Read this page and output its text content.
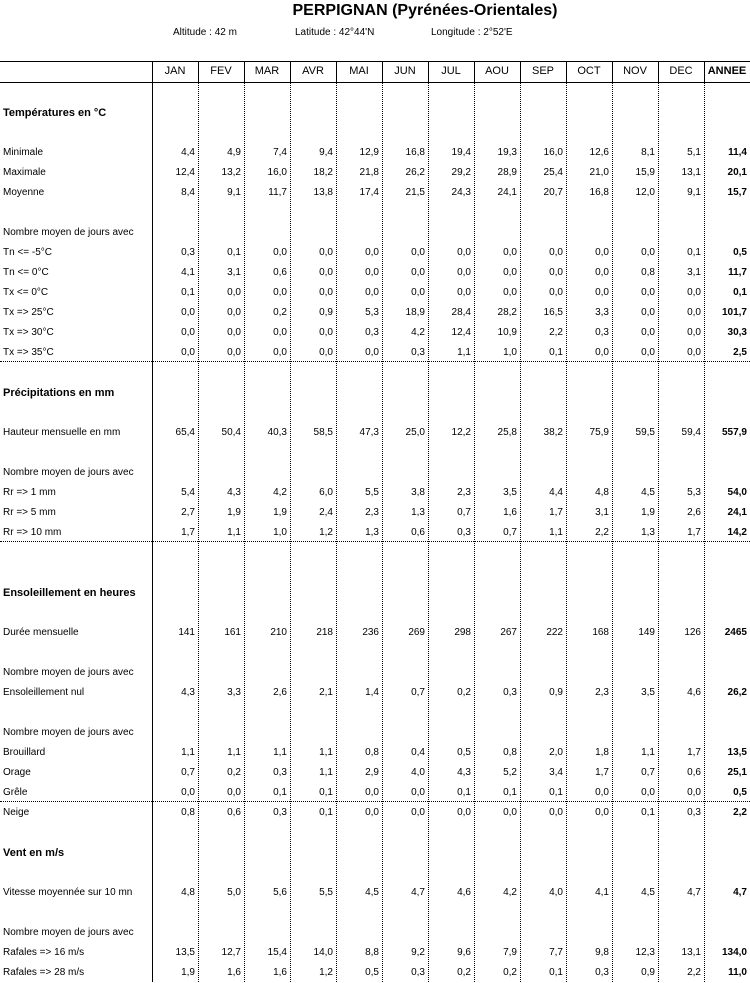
PERPIGNAN (Pyrénées-Orientales)
Altitude : 42 m	Latitude : 42°44'N	Longitude : 2°52'E
JAN	FEV	MAR	AVR	MAI	JUN	JUL	AOU	SEP	OCT	NOV	DEC	ANNEE
Températures en °C
Minimale	4,4	4,9	7,4	9,4	12,9	16,8	19,4	19,3	16,0	12,6	8,1	5,1	11,4
Maximale	12,4	13,2	16,0	18,2	21,8	26,2	29,2	28,9	25,4	21,0	15,9	13,1	20,1
Moyenne	8,4	9,1	11,7	13,8	17,4	21,5	24,3	24,1	20,7	16,8	12,0	9,1	15,7
Nombre moyen de jours avec
Tn <= -5°C	0,3	0,1	0,0	0,0	0,0	0,0	0,0	0,0	0,0	0,0	0,0	0,1	0,5
Tn <= 0°C	4,1	3,1	0,6	0,0	0,0	0,0	0,0	0,0	0,0	0,0	0,8	3,1	11,7
Tx <= 0°C	0,1	0,0	0,0	0,0	0,0	0,0	0,0	0,0	0,0	0,0	0,0	0,0	0,1
Tx => 25°C	0,0	0,0	0,2	0,9	5,3	18,9	28,4	28,2	16,5	3,3	0,0	0,0	101,7
Tx => 30°C	0,0	0,0	0,0	0,0	0,3	4,2	12,4	10,9	2,2	0,3	0,0	0,0	30,3
Tx => 35°C	0,0	0,0	0,0	0,0	0,0	0,3	1,1	1,0	0,1	0,0	0,0	0,0	2,5
Précipitations en mm
Hauteur mensuelle en mm	65,4	50,4	40,3	58,5	47,3	25,0	12,2	25,8	38,2	75,9	59,5	59,4	557,9
Nombre moyen de jours avec
Rr => 1 mm	5,4	4,3	4,2	6,0	5,5	3,8	2,3	3,5	4,4	4,8	4,5	5,3	54,0
Rr => 5 mm	2,7	1,9	1,9	2,4	2,3	1,3	0,7	1,6	1,7	3,1	1,9	2,6	24,1
Rr => 10 mm	1,7	1,1	1,0	1,2	1,3	0,6	0,3	0,7	1,1	2,2	1,3	1,7	14,2
Ensoleillement en heures
Durée mensuelle	141	161	210	218	236	269	298	267	222	168	149	126	2465
Nombre moyen de jours avec
Ensoleillement nul	4,3	3,3	2,6	2,1	1,4	0,7	0,2	0,3	0,9	2,3	3,5	4,6	26,2
Nombre moyen de jours avec
Brouillard	1,1	1,1	1,1	1,1	0,8	0,4	0,5	0,8	2,0	1,8	1,1	1,7	13,5
Orage	0,7	0,2	0,3	1,1	2,9	4,0	4,3	5,2	3,4	1,7	0,7	0,6	25,1
Grêle	0,0	0,0	0,1	0,1	0,0	0,0	0,1	0,1	0,1	0,0	0,0	0,0	0,5
Neige	0,8	0,6	0,3	0,1	0,0	0,0	0,0	0,0	0,0	0,0	0,1	0,3	2,2
Vent en m/s
Vitesse moyennée sur 10 mn	4,8	5,0	5,6	5,5	4,5	4,7	4,6	4,2	4,0	4,1	4,5	4,7	4,7
Nombre moyen de jours avec
Rafales => 16 m/s	13,5	12,7	15,4	14,0	8,8	9,2	9,6	7,9	7,7	9,8	12,3	13,1	134,0
Rafales => 28 m/s	1,9	1,6	1,6	1,2	0,5	0,3	0,2	0,2	0,1	0,3	0,9	2,2	11,0
